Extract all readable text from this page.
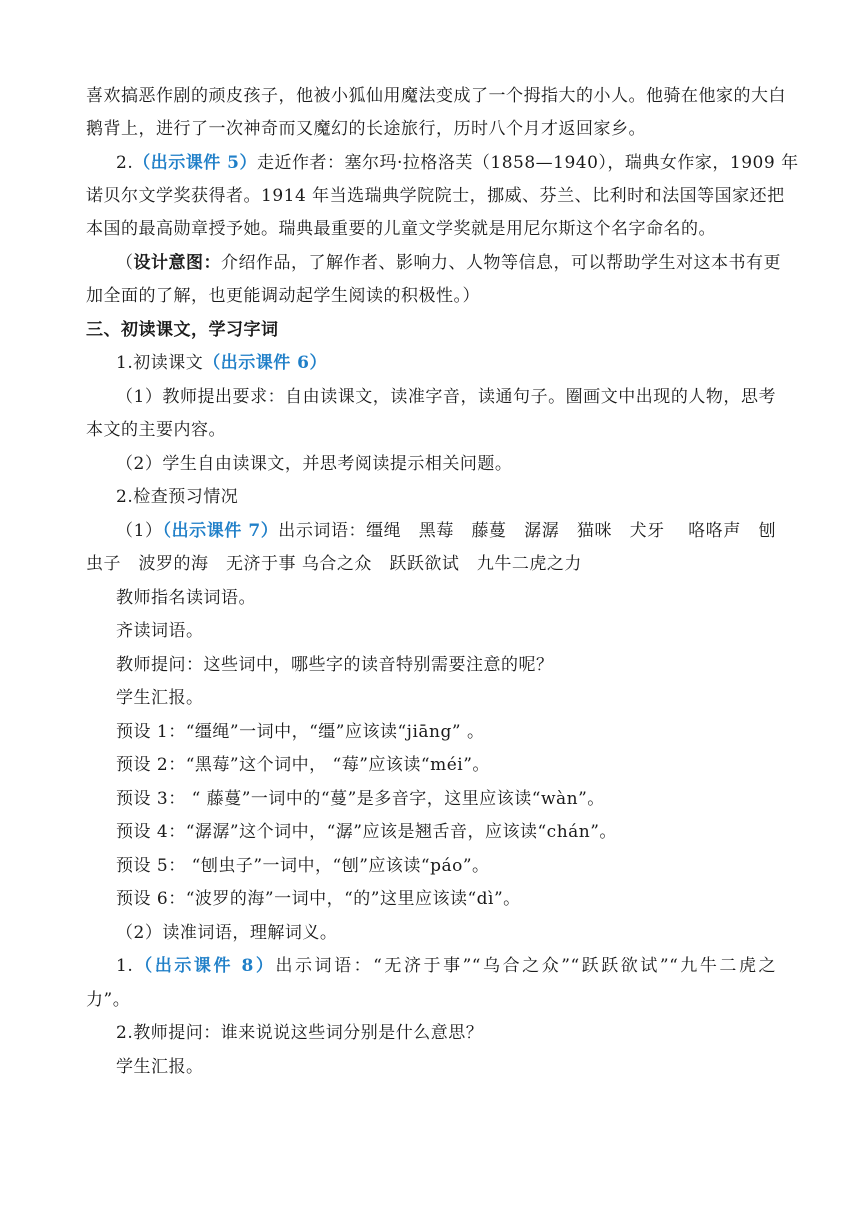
喜欢搞恶作剧的顽皮孩子，他被小狐仙用魔法变成了一个拇指大的小人。他骑在他家的大白
鹅背上，进行了一次神奇而又魔幻的长途旅行，历时八个月才返回家乡。
2.（出示课件 5）走近作者：塞尔玛·拉格洛芙（1858—1940），瑞典女作家，1909 年
诺贝尔文学奖获得者。1914 年当选瑞典学院院士，挪威、芬兰、比利时和法国等国家还把
本国的最高勋章授予她。瑞典最重要的儿童文学奖就是用尼尔斯这个名字命名的。
（设计意图：介绍作品，了解作者、影响力、人物等信息，可以帮助学生对这本书有更
加全面的了解，也更能调动起学生阅读的积极性。）
三、初读课文，学习字词
1.初读课文（出示课件 6）
（1）教师提出要求：自由读课文，读准字音，读通句子。圈画文中出现的人物，思考
本文的主要内容。
（2）学生自由读课文，并思考阅读提示相关问题。
2.检查预习情况
（1）（出示课件 7）出示词语：缰绳　黑莓　藤蔓　潺潺　猫咪　犬牙　 咯咯声　刨
虫子　波罗的海　无济于事 乌合之众　跃跃欲试　九牛二虎之力
教师指名读词语。
齐读词语。
教师提问：这些词中，哪些字的读音特别需要注意的呢？
学生汇报。
预设 1：“缰绳”一词中，“缰”应该读“jiāng” 。
预设 2：“黑莓”这个词中， “莓”应该读“méi”。
预设 3： “ 藤蔓”一词中的“蔓”是多音字，这里应该读“wàn”。
预设 4：“潺潺”这个词中，“潺”应该是翘舌音，应该读“chán”。
预设 5： “刨虫子”一词中，“刨”应该读“páo”。
预设 6：“波罗的海”一词中，“的”这里应该读“dì”。
（2）读准词语，理解词义。
1.（出示课件 8）出示词语：“无济于事”“乌合之众”“跃跃欲试”“九牛二虎之
力”。
2.教师提问：谁来说说这些词分别是什么意思？
学生汇报。
